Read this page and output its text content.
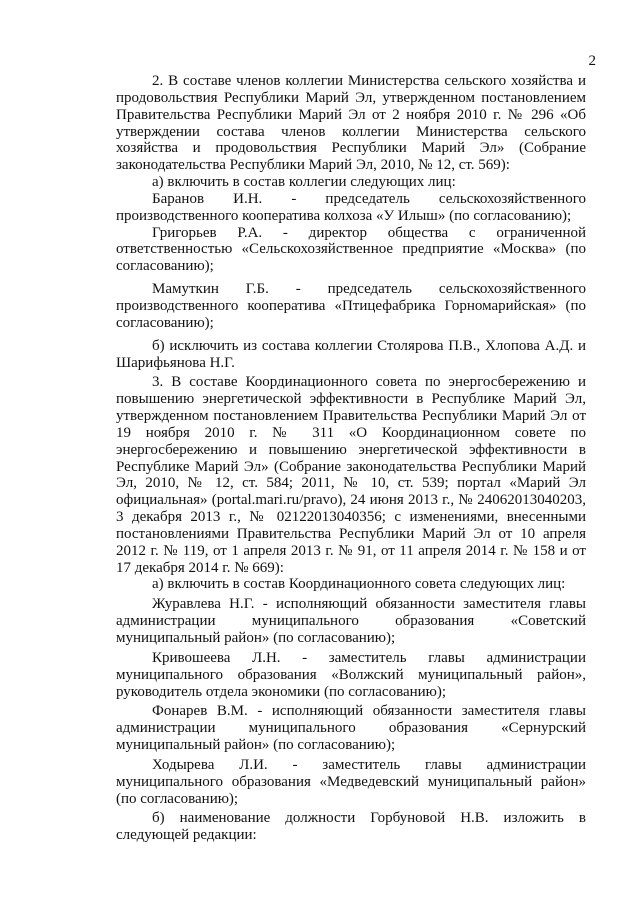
2

2. В составе членов коллегии Министерства сельского хозяйства и продовольствия Республики Марий Эл, утвержденном постановлением Правительства Республики Марий Эл от 2 ноября 2010 г. № 296 «Об утверждении состава членов коллегии Министерства сельского хозяйства и продовольствия Республики Марий Эл» (Собрание законодательства Республики Марий Эл, 2010, № 12, ст. 569):

а) включить в состав коллегии следующих лиц:

Баранов И.Н. - председатель сельскохозяйственного производственного кооператива колхоза «У Илыш» (по согласованию);

Григорьев Р.А. - директор общества с ограниченной ответственностью «Сельскохозяйственное предприятие «Москва» (по согласованию);

Мамуткин Г.Б. - председатель сельскохозяйственного производственного кооператива «Птицефабрика Горномарийская» (по согласованию);

б) исключить из состава коллегии Столярова П.В., Хлопова А.Д. и Шарифьянова Н.Г.

3. В составе Координационного совета по энергосбережению и повышению энергетической эффективности в Республике Марий Эл, утвержденном постановлением Правительства Республики Марий Эл от 19 ноября 2010 г. № 311 «О Координационном совете по энергосбережению и повышению энергетической эффективности в Республике Марий Эл» (Собрание законодательства Республики Марий Эл, 2010, № 12, ст. 584; 2011, № 10, ст. 539; портал «Марий Эл официальная» (portal.mari.ru/pravo), 24 июня 2013 г., № 24062013040203, 3 декабря 2013 г., № 02122013040356; с изменениями, внесенными постановлениями Правительства Республики Марий Эл от 10 апреля 2012 г. № 119, от 1 апреля 2013 г. № 91, от 11 апреля 2014 г. № 158 и от 17 декабря 2014 г. № 669):

а) включить в состав Координационного совета следующих лиц:

Журавлева Н.Г. - исполняющий обязанности заместителя главы администрации муниципального образования «Советский муниципальный район» (по согласованию);

Кривошеева Л.Н. - заместитель главы администрации муниципального образования «Волжский муниципальный район», руководитель отдела экономики (по согласованию);

Фонарев В.М. - исполняющий обязанности заместителя главы администрации муниципального образования «Сернурский муниципальный район» (по согласованию);

Ходырева Л.И. - заместитель главы администрации муниципального образования «Медведевский муниципальный район» (по согласованию);

б) наименование должности Горбуновой Н.В. изложить в следующей редакции:
